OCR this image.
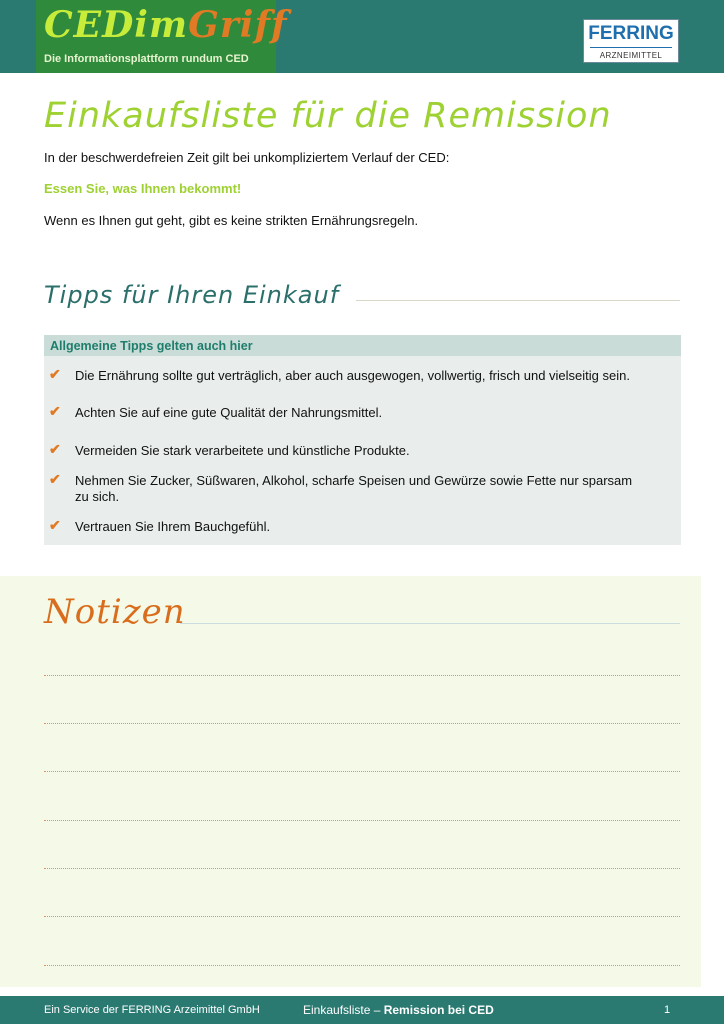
CEDimGriff
Die Informationsplattform rundum CED
FERRING
ARZNEIMITTEL
Einkaufsliste für die Remission
In der beschwerdefreien Zeit gilt bei unkompliziertem Verlauf der CED:
Essen Sie, was Ihnen bekommt!
Wenn es Ihnen gut geht, gibt es keine strikten Ernährungsregeln.
Tipps für Ihren Einkauf
Allgemeine Tipps gelten auch hier
✔ Die Ernährung sollte gut verträglich, aber auch ausgewogen, vollwertig, frisch und vielseitig sein.
✔ Achten Sie auf eine gute Qualität der Nahrungsmittel.
✔ Vermeiden Sie stark verarbeitete und künstliche Produkte.
✔ Nehmen Sie Zucker, Süßwaren, Alkohol, scharfe Speisen und Gewürze sowie Fette nur sparsam zu sich.
✔ Vertrauen Sie Ihrem Bauchgefühl.
Notizen
Ein Service der FERRING Arzeimittel GmbH	Einkaufsliste – Remission bei CED	1
